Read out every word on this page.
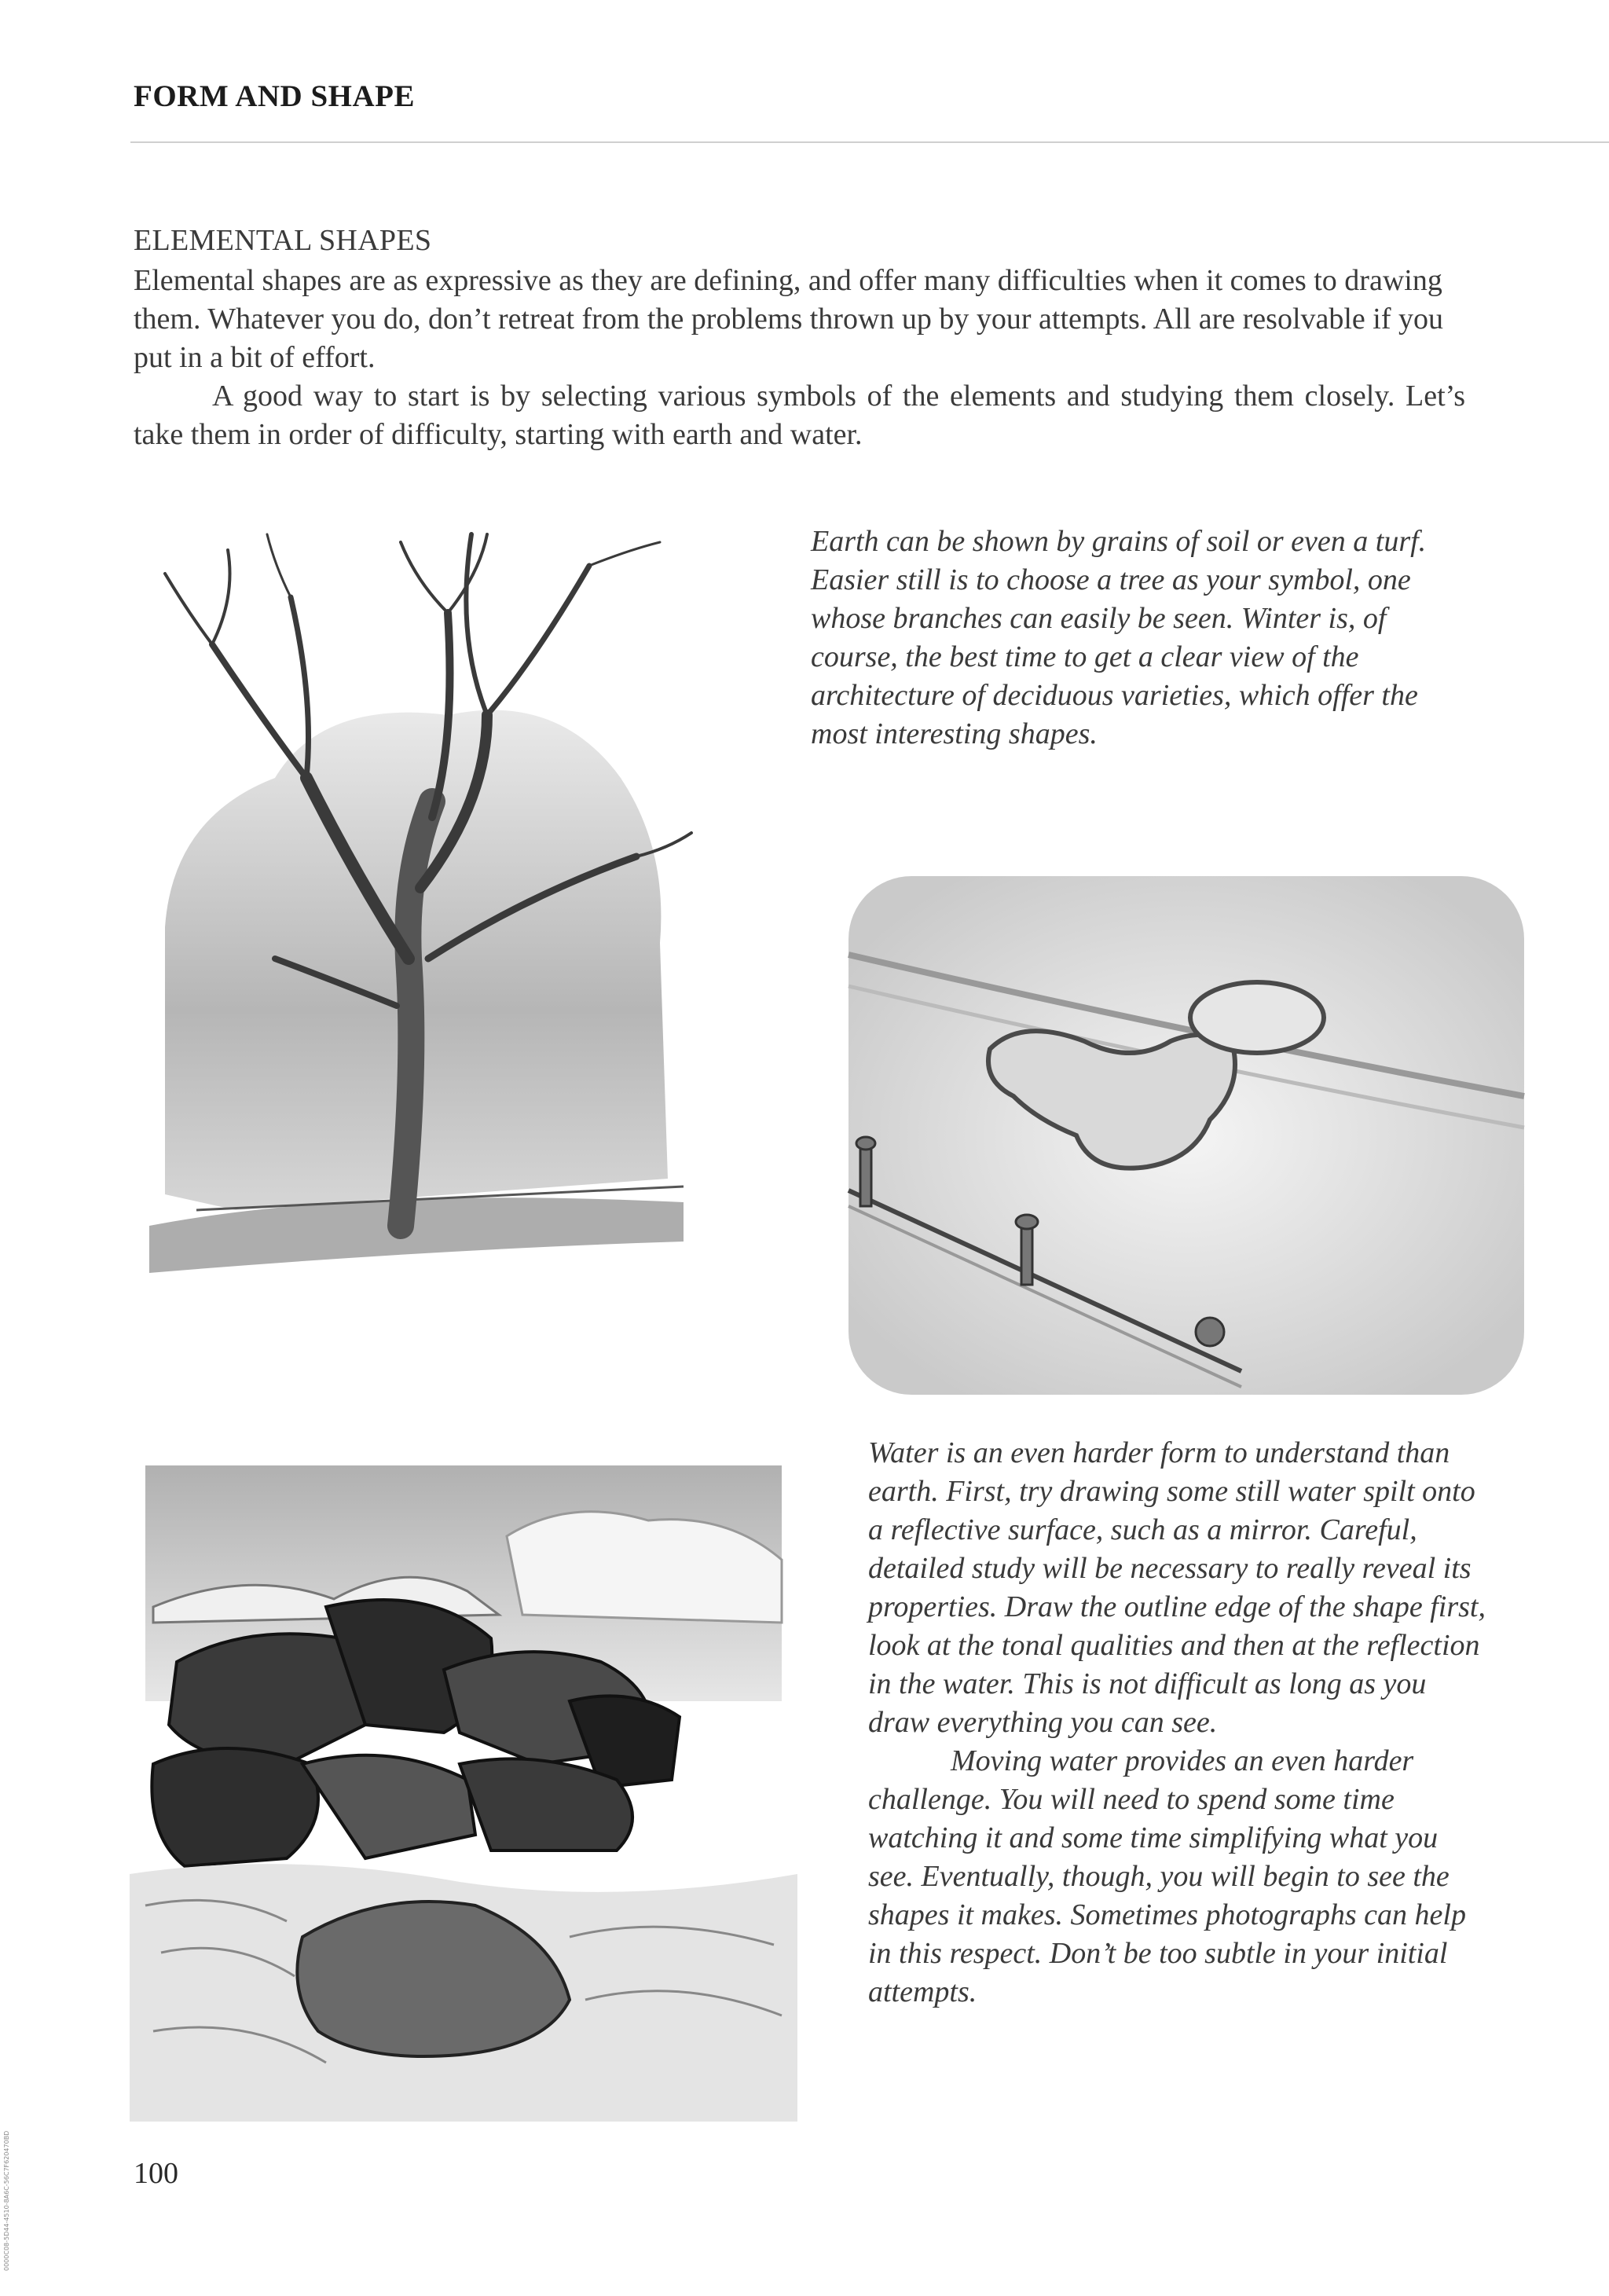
FORM AND SHAPE
ELEMENTAL SHAPES

Elemental shapes are as expressive as they are defining, and offer many difficulties when it comes to drawing them. Whatever you do, don’t retreat from the problems thrown up by your attempts. All are resolvable if you put in a bit of effort.

A good way to start is by selecting various symbols of the elements and studying them closely. Let’s take them in order of difficulty, starting with earth and water.

Earth can be shown by grains of soil or even a turf. Easier still is to choose a tree as your symbol, one whose branches can easily be seen. Winter is, of course, the best time to get a clear view of the architecture of deciduous varieties, which offer the most interesting shapes.

Water is an even harder form to understand than earth. First, try drawing some still water spilt onto a reflective surface, such as a mirror. Careful, detailed study will be necessary to really reveal its properties. Draw the outline edge of the shape first, look at the tonal qualities and then at the reflection in the water. This is not difficult as long as you draw everything you can see.

Moving water provides an even harder challenge. You will need to spend some time watching it and some time simplifying what you see. Eventually, though, you will begin to see the shapes it makes. Sometimes photographs can help in this respect. Don’t be too subtle in your initial attempts.

100
0000C08-5D44-4510-8A6C-56C7F620470BD
